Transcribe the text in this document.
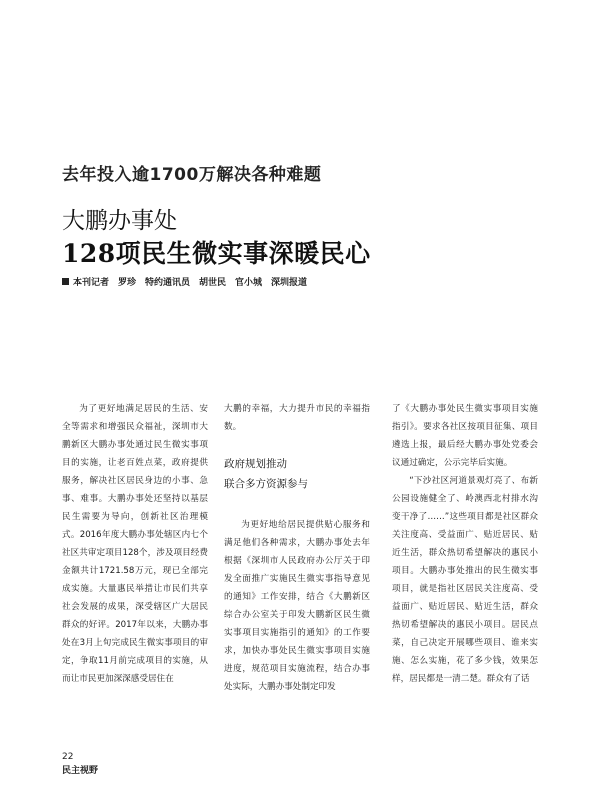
去年投入逾1700万解决各种难题
大鹏办事处
128项民生微实事深暖民心
本刊记者　罗珍　特约通讯员　胡世民　官小城　深圳报道

为了更好地满足居民的生活、安全等需求和增强民众福祉，深圳市大鹏新区大鹏办事处通过民生微实事项目的实施，让老百姓点菜，政府提供服务，解决社区居民身边的小事、急事、难事。大鹏办事处还坚持以基层民生需要为导向，创新社区治理模式。2016年度大鹏办事处辖区内七个社区共审定项目128个，涉及项目经费金额共计1721.58万元，现已全部完成实施。大量惠民举措让市民们共享社会发展的成果，深受辖区广大居民群众的好评。2017年以来，大鹏办事处在3月上旬完成民生微实事项目的审定，争取11月前完成项目的实施，从而让市民更加深深感受居住在

大鹏的幸福，大力提升市民的幸福指数。

政府规划推动

联合多方资源参与

为更好地给居民提供贴心服务和满足他们各种需求，大鹏办事处去年根据《深圳市人民政府办公厅关于印发全面推广实施民生微实事指导意见的通知》工作安排，结合《大鹏新区综合办公室关于印发大鹏新区民生微实事项目实施指引的通知》的工作要求，加快办事处民生微实事项目实施进度，规范项目实施流程，结合办事处实际，大鹏办事处制定印发

了《大鹏办事处民生微实事项目实施指引》。要求各社区按项目征集、项目遴选上报，最后经大鹏办事处党委会议通过确定，公示完毕后实施。

“下沙社区河道景观灯亮了、布新公园设施健全了、岭澳西北村排水沟变干净了……”这些项目都是社区群众关注度高、受益面广、贴近居民、贴近生活，群众热切希望解决的惠民小项目。大鹏办事处推出的民生微实事项目，就是指社区居民关注度高、受益面广、贴近居民、贴近生活，群众热切希望解决的惠民小项目。居民点菜，自己决定开展哪些项目、谁来实施、怎么实施，花了多少钱，效果怎样，居民都是一清二楚。群众有了话

22
民主视野
